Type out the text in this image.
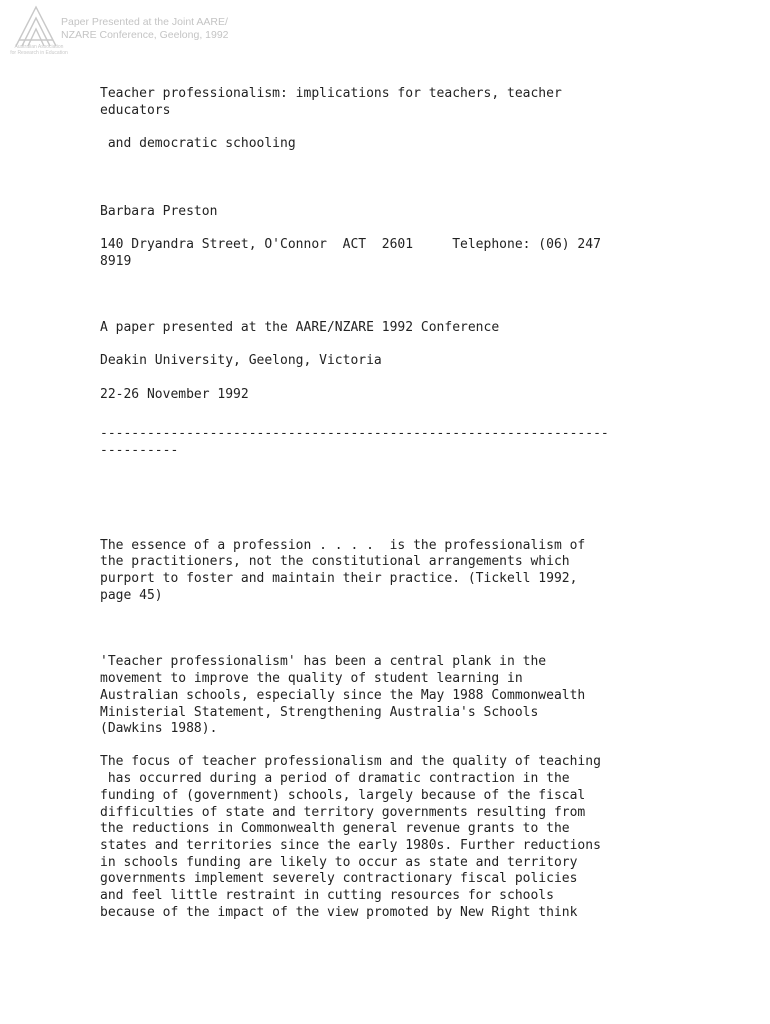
Australian Association
for Research in Education
Paper Presented at the Joint AARE/
NZARE Conference, Geelong, 1992
Teacher professionalism: implications for teachers, teacher
educators
and democratic schooling
Barbara Preston
140 Dryandra Street, O'Connor  ACT  2601     Telephone: (06) 247
8919
A paper presented at the AARE/NZARE 1992 Conference
Deakin University, Geelong, Victoria
22-26 November 1992
-----------------------------------------------------------------
----------
The essence of a profession . . . .  is the professionalism of
the practitioners, not the constitutional arrangements which
purport to foster and maintain their practice. (Tickell 1992,
page 45)
'Teacher professionalism' has been a central plank in the
movement to improve the quality of student learning in
Australian schools, especially since the May 1988 Commonwealth
Ministerial Statement, Strengthening Australia's Schools
(Dawkins 1988).
The focus of teacher professionalism and the quality of teaching
has occurred during a period of dramatic contraction in the
funding of (government) schools, largely because of the fiscal
difficulties of state and territory governments resulting from
the reductions in Commonwealth general revenue grants to the
states and territories since the early 1980s. Further reductions
in schools funding are likely to occur as state and territory
governments implement severely contractionary fiscal policies
and feel little restraint in cutting resources for schools
because of the impact of the view promoted by New Right think
